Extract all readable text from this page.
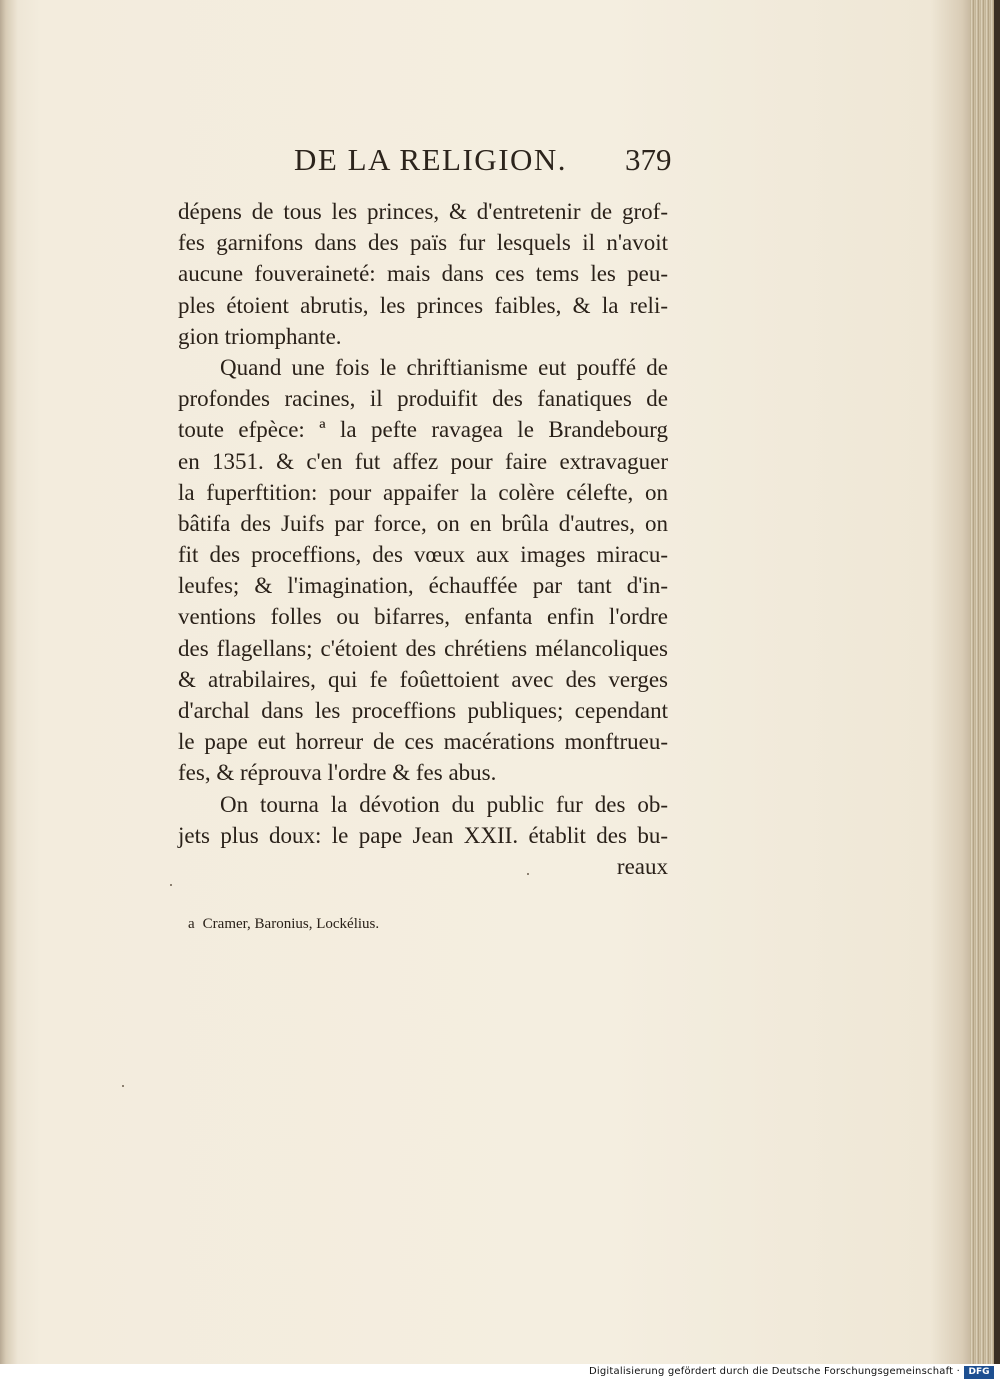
DE LA RELIGION. 379
dépens de tous les princes, & d'entretenir de grof-
fes garnifons dans des païs fur lesquels il n'avoit
aucune fouveraineté: mais dans ces tems les peu-
ples étoient abrutis, les princes faibles, & la reli-
gion triomphante.
Quand une fois le chriftianisme eut pouffé de
profondes racines, il produifit des fanatiques de
toute efpèce: ª la pefte ravagea le Brandebourg
en 1351. & c'en fut affez pour faire extravaguer
la fuperftition: pour appaifer la colère célefte, on
bâtifa des Juifs par force, on en brûla d'autres, on
fit des proceffions, des vœux aux images miracu-
leufes; & l'imagination, échauffée par tant d'in-
ventions folles ou bifarres, enfanta enfin l'ordre
des flagellans; c'étoient des chrétiens mélancoliques
& atrabilaires, qui fe foûettoient avec des verges
d'archal dans les proceffions publiques; cependant
le pape eut horreur de ces macérations monftrueu-
fes, & réprouva l'ordre & fes abus.
On tourna la dévotion du public fur des ob-
jets plus doux: le pape Jean XXII. établit des bu-
reaux
a Cramer, Baronius, Lockélius.
Digitalisierung gefördert durch die Deutsche Forschungsgemeinschaft · DFG
